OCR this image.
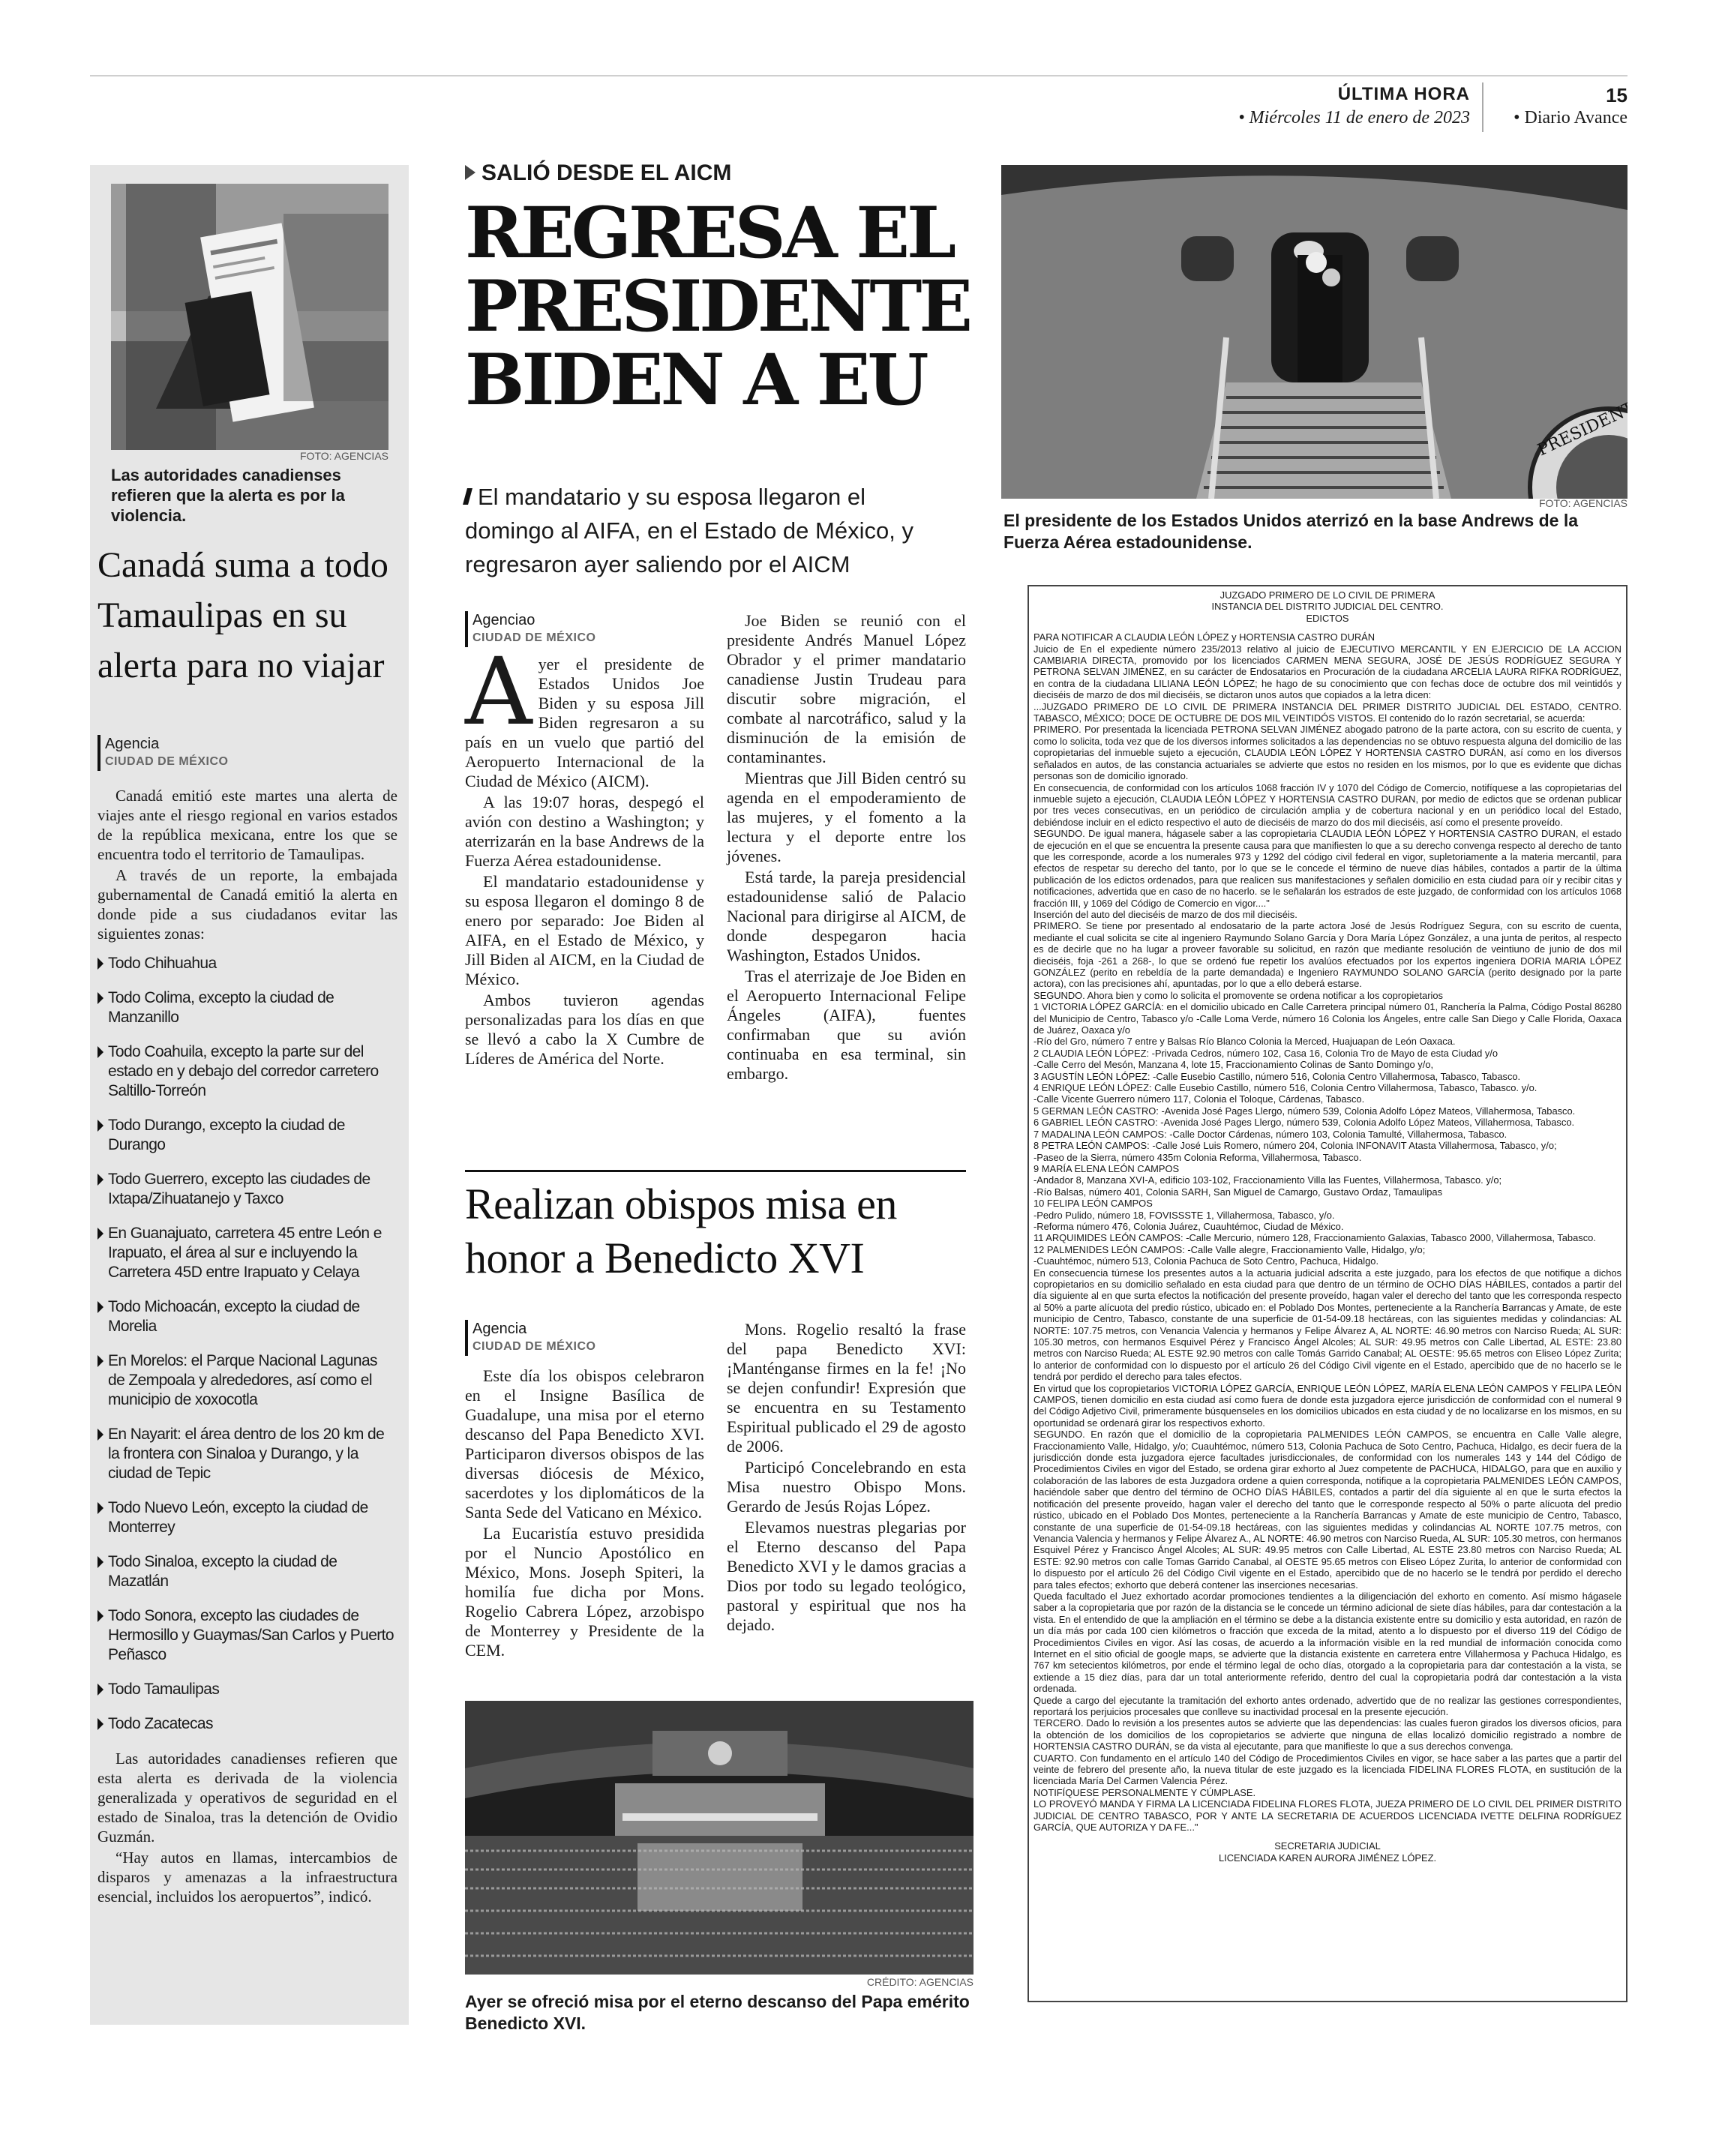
ÚLTIMA HORA
• Miércoles 11 de enero de 2023
15
• Diario Avance
FOTO: AGENCIAS
Las autoridades canadienses refieren que la alerta es por la violencia.
Canadá suma a todo Tamaulipas en su alerta para no viajar
Agencia
CIUDAD DE MÉXICO

Canadá emitió este martes una alerta de viajes ante el riesgo regional en varios estados de la república mexicana, entre los que se encuentra todo el territorio de Tamaulipas.

A través de un reporte, la embajada gubernamental de Canadá emitió la alerta en donde pide a sus ciudadanos evitar las siguientes zonas:

Todo Chihuahua
Todo Colima, excepto la ciudad de Manzanillo
Todo Coahuila, excepto la parte sur del estado en y debajo del corredor carretero Saltillo-Torreón
Todo Durango, excepto la ciudad de Durango
Todo Guerrero, excepto las ciudades de Ixtapa/Zihuatanejo y Taxco
En Guanajuato, carretera 45 entre León e Irapuato, el área al sur e incluyendo la Carretera 45D entre Irapuato y Celaya
Todo Michoacán, excepto la ciudad de Morelia
En Morelos: el Parque Nacional Lagunas de Zempoala y alrededores, así como el municipio de xoxocotla
En Nayarit: el área dentro de los 20 km de la frontera con Sinaloa y Durango, y la ciudad de Tepic
Todo Nuevo León, excepto la ciudad de Monterrey
Todo Sinaloa, excepto la ciudad de Mazatlán
Todo Sonora, excepto las ciudades de Hermosillo y Guaymas/San Carlos y Puerto Peñasco
Todo Tamaulipas
Todo Zacatecas

Las autoridades canadienses refieren que esta alerta es derivada de la violencia generalizada y operativos de seguridad en el estado de Sinaloa, tras la detención de Ovidio Guzmán.

“Hay autos en llamas, intercambios de disparos y amenazas a la infraestructura esencial, incluidos los aeropuertos”, indicó.

SALIÓ DESDE EL AICM
REGRESA EL PRESIDENTE BIDEN A EU
El mandatario y su esposa llegaron el domingo al AIFA, en el Estado de México, y regresaron ayer saliendo por el AICM
Agenciao
CIUDAD DE MÉXICO

Ayer el presidente de Estados Unidos Joe Biden y su esposa Jill Biden regresaron a su país en un vuelo que partió del Aeropuerto Internacional de la Ciudad de México (AICM).

A las 19:07 horas, despegó el avión con destino a Washington; y aterrizarán en la base Andrews de la Fuerza Aérea estadounidense.

El mandatario estadounidense y su esposa llegaron el domingo 8 de enero por separado: Joe Biden al AIFA, en el Estado de México, y Jill Biden al AICM, en la Ciudad de México.

Ambos tuvieron agendas personalizadas para los días en que se llevó a cabo la X Cumbre de Líderes de América del Norte.

Joe Biden se reunió con el presidente Andrés Manuel López Obrador y el primer mandatario canadiense Justin Trudeau para discutir sobre migración, el combate al narcotráfico, salud y la disminución de la emisión de contaminantes.

Mientras que Jill Biden centró su agenda en el empoderamiento de las mujeres, y el fomento a la lectura y el deporte entre los jóvenes.

Está tarde, la pareja presidencial estadounidense salió de Palacio Nacional para dirigirse al AICM, de donde despegaron hacia Washington, Estados Unidos.

Tras el aterrizaje de Joe Biden en el Aeropuerto Internacional Felipe Ángeles (AIFA), fuentes confirmaban que su avión continuaba en esa terminal, sin embargo.

Realizan obispos misa en honor a Benedicto XVI
Agencia
CIUDAD DE MÉXICO

Este día los obispos celebraron en el Insigne Basílica de Guadalupe, una misa por el eterno descanso del Papa Benedicto XVI. Participaron diversos obispos de las diversas diócesis de México, sacerdotes y los diplomáticos de la Santa Sede del Vaticano en México.

La Eucaristía estuvo presidida por el Nuncio Apostólico en México, Mons. Joseph Spiteri, la homilía fue dicha por Mons. Rogelio Cabrera López, arzobispo de Monterrey y Presidente de la CEM.

Mons. Rogelio resaltó la frase del papa Benedicto XVI: ¡Manténganse firmes en la fe! ¡No se dejen confundir! Expresión que se encuentra en su Testamento Espiritual publicado el 29 de agosto de 2006.

Participó Concelebrando en esta Misa nuestro Obispo Mons. Gerardo de Jesús Rojas López.

Elevamos nuestras plegarias por el Eterno descanso del Papa Benedicto XVI y le damos gracias a Dios por todo su legado teológico, pastoral y espiritual que nos ha dejado.

CRÉDITO: AGENCIAS
Ayer se ofreció misa por el eterno descanso del Papa emérito Benedicto XVI.
FOTO: AGENCIAS
El presidente de los Estados Unidos aterrizó en la base Andrews de la Fuerza Aérea estadounidense.

JUZGADO PRIMERO DE LO CIVIL DE PRIMERA

INSTANCIA DEL DISTRITO JUDICIAL DEL CENTRO.

EDICTOS

PARA NOTIFICAR A CLAUDIA LEÓN LÓPEZ y HORTENSIA CASTRO DURÁN

Juicio de En el expediente número 235/2013 relativo al juicio de EJECUTIVO MERCANTIL Y EN EJERCICIO DE LA ACCION CAMBIARIA DIRECTA, promovido por los licenciados CARMEN MENA SEGURA, JOSÉ DE JESÚS RODRÍGUEZ SEGURA Y PETRONA SELVAN JIMÉNEZ, en su carácter de Endosatarios en Procuración de la ciudadana ARCELIA LAURA RIFKA RODRÍGUEZ, en contra de la ciudadana LILIANA LEÓN LÓPEZ; he hago de su conocimiento que con fechas doce de octubre dos mil veintidós y dieciséis de marzo de dos mil dieciséis, se dictaron unos autos que copiados a la letra dicen:

...JUZGADO PRIMERO DE LO CIVIL DE PRIMERA INSTANCIA DEL PRIMER DISTRITO JUDICIAL DEL ESTADO, CENTRO. TABASCO, MÉXICO; DOCE DE OCTUBRE DE DOS MIL VEINTIDÓS VISTOS. El contenido do lo razón secretarial, se acuerda:

PRIMERO. Por presentada la licenciada PETRONA SELVAN JIMÉNEZ abogado patrono de la parte actora, con su escrito de cuenta, y como lo solicita, toda vez que de los diversos informes solicitados a las dependencias no se obtuvo respuesta alguna del domicilio de las copropietarias del inmueble sujeto a ejecución, CLAUDIA LEÓN LÓPEZ Y HORTENSIA CASTRO DURÁN, así como en los diversos señalados en autos, de las constancia actuariales se advierte que estos no residen en los mismos, por lo que es evidente que dichas personas son de domicilio ignorado.

En consecuencia, de conformidad con los artículos 1068 fracción IV y 1070 del Código de Comercio, notifíquese a las copropietarias del inmueble sujeto a ejecución, CLAUDIA LEÓN LÓPEZ Y HORTENSIA CASTRO DURAN, por medio de edictos que se ordenan publicar por tres veces consecutivas, en un periódico de circulación amplia y de cobertura nacional y en un periódico local del Estado, debiéndose incluir en el edicto respectivo el auto de dieciséis de marzo do dos mil dieciséis, así como el presente proveído.

SEGUNDO. De igual manera, hágasele saber a las copropietaria CLAUDIA LEÓN LÓPEZ Y HORTENSIA CASTRO DURAN, el estado de ejecución en el que se encuentra la presente causa para que manifiesten lo que a su derecho convenga respecto al derecho de tanto que les corresponde, acorde a los numerales 973 y 1292 del código civil federal en vigor, supletoriamente a la materia mercantil, para efectos de respetar su derecho del tanto, por lo que se le concede el término de nueve días hábiles, contados a partir de la última publicación de los edictos ordenados, para que realicen sus manifestaciones y señalen domicilio en esta ciudad para oír y recibir citas y notificaciones, advertida que en caso de no hacerlo. se le señalarán los estrados de este juzgado, de conformidad con los artículos 1068 fracción III, y 1069 del Código de Comercio en vigor...."

Inserción del auto del dieciséis de marzo de dos mil dieciséis.

PRIMERO. Se tiene por presentado al endosatario de la parte actora José de Jesús Rodríguez Segura, con su escrito de cuenta, mediante el cual solicita se cite al ingeniero Raymundo Solano García y Dora María López González, a una junta de peritos, al respecto es de decirle que no ha lugar a proveer favorable su solicitud, en razón que mediante resolución de veintiuno de junio de dos mil dieciséis, foja -261 a 268-, lo que se ordenó fue repetir los avalúos efectuados por los expertos ingeniera DORIA MARIA LÓPEZ GONZÁLEZ (perito en rebeldía de la parte demandada) e Ingeniero RAYMUNDO SOLANO GARCÍA (perito designado por la parte actora), con las precisiones ahí, apuntadas, por lo que a ello deberá estarse.

SEGUNDO. Ahora bien y como lo solicita el promovente se ordena notificar a los copropietarios

1 VICTORIA LÓPEZ GARCÍA: en el domicilio ubicado en Calle Carretera principal número 01, Ranchería la Palma, Código Postal 86280 del Municipio de Centro, Tabasco y/o -Calle Loma Verde, número 16 Colonia los Ángeles, entre calle San Diego y Calle Florida, Oaxaca de Juárez, Oaxaca y/o

-Río del Gro, número 7 entre y Balsas Río Blanco Colonia la Merced, Huajuapan de León Oaxaca.

2 CLAUDIA LEÓN LÓPEZ: -Privada Cedros, número 102, Casa 16, Colonia Tro de Mayo de esta Ciudad y/o

-Calle Cerro del Mesón, Manzana 4, lote 15, Fraccionamiento Colinas de Santo Domingo y/o,

3 AGUSTÍN LEÓN LÓPEZ: -Calle Eusebio Castillo, número 516, Colonia Centro Villahermosa, Tabasco, Tabasco.

4 ENRIQUE LEÓN LÓPEZ: Calle Eusebio Castillo, número 516, Colonia Centro Villahermosa, Tabasco, Tabasco. y/o.

-Calle Vicente Guerrero número 117, Colonia el Toloque, Cárdenas, Tabasco.

5 GERMAN LEÓN CASTRO: -Avenida José Pages Llergo, número 539, Colonia Adolfo López Mateos, Villahermosa, Tabasco.

6 GABRIEL LEÓN CASTRO: -Avenida José Pages Llergo, número 539, Colonia Adolfo López Mateos, Villahermosa, Tabasco.

7 MADALINA LEÓN CAMPOS: -Calle Doctor Cárdenas, número 103, Colonia Tamulté, Villahermosa, Tabasco.

8 PETRA LEÓN CAMPOS: -Calle José Luis Romero, número 204, Colonia INFONAVIT Atasta Villahermosa, Tabasco, y/o;

-Paseo de la Sierra, número 435m Colonia Reforma, Villahermosa, Tabasco.

9 MARÍA ELENA LEÓN CAMPOS

-Andador 8, Manzana XVI-A, edificio 103-102, Fraccionamiento Villa las Fuentes, Villahermosa, Tabasco. y/o;

-Río Balsas, número 401, Colonia SARH, San Miguel de Camargo, Gustavo Ordaz, Tamaulipas

10 FELIPA LEÓN CAMPOS

-Pedro Pulido, número 18, FOVISSSTE 1, Villahermosa, Tabasco, y/o.

-Reforma número 476, Colonia Juárez, Cuauhtémoc, Ciudad de México.

11 ARQUIMIDES LEÓN CAMPOS: -Calle Mercurio, número 128, Fraccionamiento Galaxias, Tabasco 2000, Villahermosa, Tabasco.

12 PALMENIDES LEÓN CAMPOS: -Calle Valle alegre, Fraccionamiento Valle, Hidalgo, y/o;

-Cuauhtémoc, número 513, Colonia Pachuca de Soto Centro, Pachuca, Hidalgo.

En consecuencia túrnese los presentes autos a la actuaria judicial adscrita a este juzgado, para los efectos de que notifique a dichos copropietarios en su domicilio señalado en esta ciudad para que dentro de un término de OCHO DÍAS HÁBILES, contados a partir del día siguiente al en que surta efectos la notificación del presente proveído, hagan valer el derecho del tanto que les corresponda respecto al 50% a parte alícuota del predio rústico, ubicado en: el Poblado Dos Montes, perteneciente a la Ranchería Barrancas y Amate, de este municipio de Centro, Tabasco, constante de una superficie de 01-54-09.18 hectáreas, con las siguientes medidas y colindancias: AL NORTE: 107.75 metros, con Venancia Valencia y hermanos y Felipe Álvarez A, AL NORTE: 46.90 metros con Narciso Rueda; AL SUR: 105.30 metros, con hermanos Esquivel Pérez y Francisco Ángel Alcoles; AL SUR: 49.95 metros con Calle Libertad, AL ESTE: 23.80 metros con Narciso Rueda; AL ESTE 92.90 metros con calle Tomás Garrido Canabal; AL OESTE: 95.65 metros con Eliseo López Zurita; lo anterior de conformidad con lo dispuesto por el artículo 26 del Código Civil vigente en el Estado, apercibido que de no hacerlo se le tendrá por perdido el derecho para tales efectos.

En virtud que los copropietarios VICTORIA LÓPEZ GARCÍA, ENRIQUE LEÓN LÓPEZ, MARÍA ELENA LEÓN CAMPOS Y FELIPA LEÓN CAMPOS, tienen domicilio en esta ciudad así como fuera de donde esta juzgadora ejerce jurisdicción de conformidad con el numeral 9 del Código Adjetivo Civil, primeramente búsquenseles en los domicilios ubicados en esta ciudad y de no localizarse en los mismos, en su oportunidad se ordenará girar los respectivos exhorto.

SEGUNDO. En razón que el domicilio de la copropietaria PALMENIDES LEÓN CAMPOS, se encuentra en Calle Valle alegre, Fraccionamiento Valle, Hidalgo, y/o; Cuauhtémoc, número 513, Colonia Pachuca de Soto Centro, Pachuca, Hidalgo, es decir fuera de la jurisdicción donde esta juzgadora ejerce facultades jurisdiccionales, de conformidad con los numerales 143 y 144 del Código de Procedimientos Civiles en vigor del Estado, se ordena girar exhorto al Juez competente de PACHUCA, HIDALGO, para que en auxilio y colaboración de las labores de esta Juzgadora ordene a quien corresponda, notifique a la copropietaria PALMENIDES LEÓN CAMPOS, haciéndole saber que dentro del término de OCHO DÍAS HÁBILES, contados a partir del día siguiente al en que le surta efectos la notificación del presente proveído, hagan valer el derecho del tanto que le corresponde respecto al 50% o parte alícuota del predio rústico, ubicado en el Poblado Dos Montes, perteneciente a la Ranchería Barrancas y Amate de este municipio de Centro, Tabasco, constante de una superficie de 01-54-09.18 hectáreas, con las siguientes medidas y colindancias AL NORTE 107.75 metros, con Venancia Valencia y hermanos y Felipe Álvarez A., AL NORTE: 46.90 metros con Narciso Rueda, AL SUR: 105.30 metros, con hermanos Esquivel Pérez y Francisco Ángel Alcoles; AL SUR: 49.95 metros con Calle Libertad, AL ESTE 23.80 metros con Narciso Rueda; AL ESTE: 92.90 metros con calle Tomas Garrido Canabal, al OESTE 95.65 metros con Eliseo López Zurita, lo anterior de conformidad con lo dispuesto por el artículo 26 del Código Civil vigente en el Estado, apercibido que de no hacerlo se le tendrá por perdido el derecho para tales efectos; exhorto que deberá contener las inserciones necesarias.

Queda facultado el Juez exhortado acordar promociones tendientes a la diligenciación del exhorto en comento. Así mismo hágasele saber a la copropietaria que por razón de la distancia se le concede un término adicional de siete días hábiles, para dar contestación a la vista. En el entendido de que la ampliación en el término se debe a la distancia existente entre su domicilio y esta autoridad, en razón de un día más por cada 100 cien kilómetros o fracción que exceda de la mitad, atento a lo dispuesto por el diverso 119 del Código de Procedimientos Civiles en vigor. Así las cosas, de acuerdo a la información visible en la red mundial de información conocida como Internet en el sitio oficial de google maps, se advierte que la distancia existente en carretera entre Villahermosa y Pachuca Hidalgo, es 767 km setecientos kilómetros, por ende el término legal de ocho días, otorgado a la copropietaria para dar contestación a la vista, se extiende a 15 diez días, para dar un total anteriormente referido, dentro del cual la copropietaria podrá dar contestación a la vista ordenada.

Quede a cargo del ejecutante la tramitación del exhorto antes ordenado, advertido que de no realizar las gestiones correspondientes, reportará los perjuicios procesales que conlleve su inactividad procesal en la presente ejecución.

TERCERO. Dado lo revisión a los presentes autos se advierte que las dependencias: las cuales fueron girados los diversos oficios, para la obtención de los domicilios de los copropietarios se advierte que ninguna de ellas localizó domicilio registrado a nombre de HORTENSIA CASTRO DURÁN, se da vista al ejecutante, para que manifieste lo que a sus derechos convenga.

CUARTO. Con fundamento en el artículo 140 del Código de Procedimientos Civiles en vigor, se hace saber a las partes que a partir del veinte de febrero del presente año, la nueva titular de este juzgado es la licenciada FIDELINA FLORES FLOTA, en sustitución de la licenciada María Del Carmen Valencia Pérez.

NOTIFÍQUESE PERSONALMENTE Y CÚMPLASE.

LO PROVEYÓ MANDA Y FIRMA LA LICENCIADA FIDELINA FLORES FLOTA, JUEZA PRIMERO DE LO CIVIL DEL PRIMER DISTRITO JUDICIAL DE CENTRO TABASCO, POR Y ANTE LA SECRETARIA DE ACUERDOS LICENCIADA IVETTE DELFINA RODRÍGUEZ GARCÍA, QUE AUTORIZA Y DA FE..."

SECRETARIA JUDICIAL

LICENCIADA KAREN AURORA JIMÉNEZ LÓPEZ.
